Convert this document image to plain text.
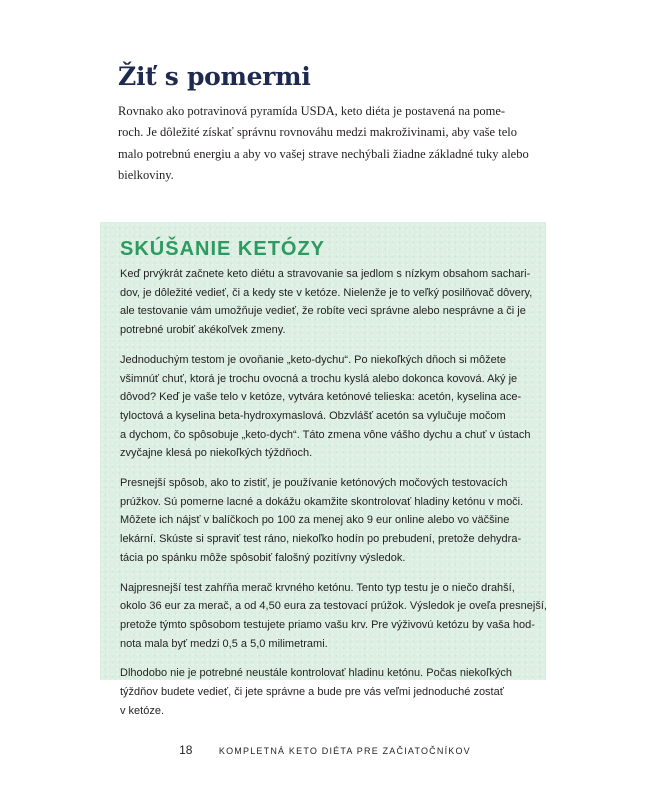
Žiť s pomermi

Rovnako ako potravinová pyramída USDA, keto diéta je postavená na pome-
roch. Je dôležité získať správnu rovnováhu medzi makroživinami, aby vaše telo
malo potrebnú energiu a aby vo vašej strave nechýbali žiadne základné tuky alebo
bielkoviny.

SKÚŠANIE KETÓZY

Keď prvýkrát začnete keto diétu a stravovanie sa jedlom s nízkym obsahom sachari-
dov, je dôležité vedieť, či a kedy ste v ketóze. Nielenže je to veľký posilňovač dôvery,
ale testovanie vám umožňuje vedieť, že robíte veci správne alebo nesprávne a či je
potrebné urobiť akékoľvek zmeny.

Jednoduchým testom je ovoňanie „keto-dychu“. Po niekoľkých dňoch si môžete
všimnúť chuť, ktorá je trochu ovocná a trochu kyslá alebo dokonca kovová. Aký je
dôvod? Keď je vaše telo v ketóze, vytvára ketónové telieska: acetón, kyselina ace-
tyloctová a kyselina beta-hydroxymaslová. Obzvlášť acetón sa vylučuje močom
a dychom, čo spôsobuje „keto-dych“. Táto zmena vône vášho dychu a chuť v ústach
zvyčajne klesá po niekoľkých týždňoch.

Presnejší spôsob, ako to zistiť, je používanie ketónových močových testovacích
prúžkov. Sú pomerne lacné a dokážu okamžite skontrolovať hladiny ketónu v moči.
Môžete ich nájsť v balíčkoch po 100 za menej ako 9 eur online alebo vo väčšine
lekární. Skúste si spraviť test ráno, niekoľko hodín po prebudení, pretože dehydra-
tácia po spánku môže spôsobiť falošný pozitívny výsledok.

Najpresnejší test zahŕňa merač krvného ketónu. Tento typ testu je o niečo drahší,
okolo 36 eur za merač, a od 4,50 eura za testovací prúžok. Výsledok je oveľa presnejší,
pretože týmto spôsobom testujete priamo vašu krv. Pre výživovú ketózu by vaša hod-
nota mala byť medzi 0,5 a 5,0 milimetrami.

Dlhodobo nie je potrebné neustále kontrolovať hladinu ketónu. Počas niekoľkých
týždňov budete vedieť, či jete správne a bude pre vás veľmi jednoduché zostať
v ketóze.

18	KOMPLETNÁ KETO DIÉTA PRE ZAČIATOČNÍKOV
